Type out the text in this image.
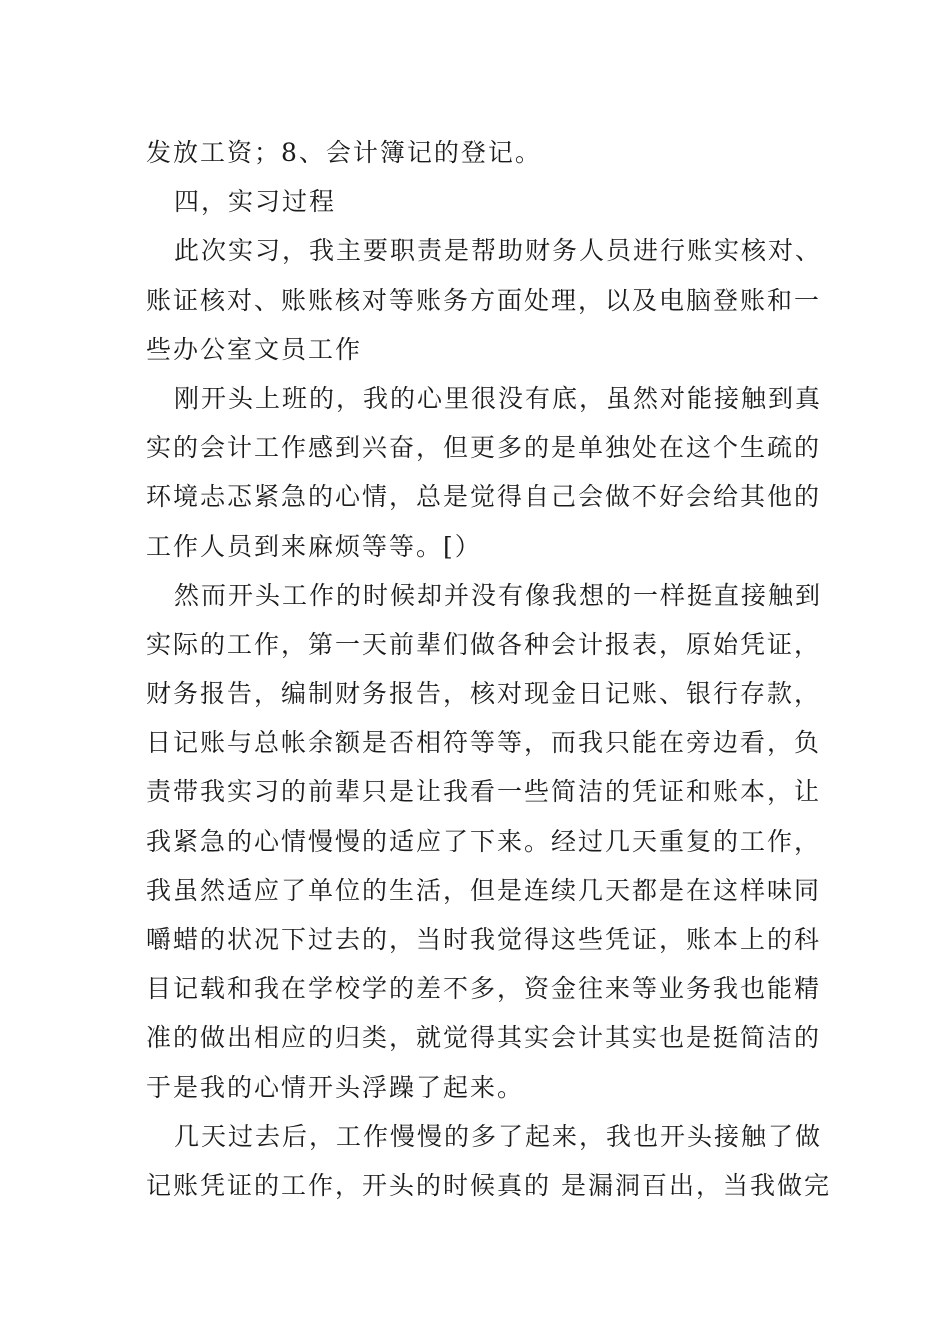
发放工资；8、会计簿记的登记。
四，实习过程
此次实习，我主要职责是帮助财务人员进行账实核对、
账证核对、账账核对等账务方面处理，以及电脑登账和一
些办公室文员工作
刚开头上班的，我的心里很没有底，虽然对能接触到真
实的会计工作感到兴奋，但更多的是单独处在这个生疏的
环境忐忑紧急的心情，总是觉得自己会做不好会给其他的
工作人员到来麻烦等等。[）
然而开头工作的时候却并没有像我想的一样挺直接触到
实际的工作，第一天前辈们做各种会计报表，原始凭证，
财务报告，编制财务报告，核对现金日记账、银行存款，
日记账与总帐余额是否相符等等，而我只能在旁边看，负
责带我实习的前辈只是让我看一些简洁的凭证和账本，让
我紧急的心情慢慢的适应了下来。经过几天重复的工作，
我虽然适应了单位的生活，但是连续几天都是在这样味同
嚼蜡的状况下过去的，当时我觉得这些凭证，账本上的科
目记载和我在学校学的差不多，资金往来等业务我也能精
准的做出相应的归类，就觉得其实会计其实也是挺简洁的
于是我的心情开头浮躁了起来。
几天过去后，工作慢慢的多了起来，我也开头接触了做
记账凭证的工作，开头的时候真的 是漏洞百出，当我做完
